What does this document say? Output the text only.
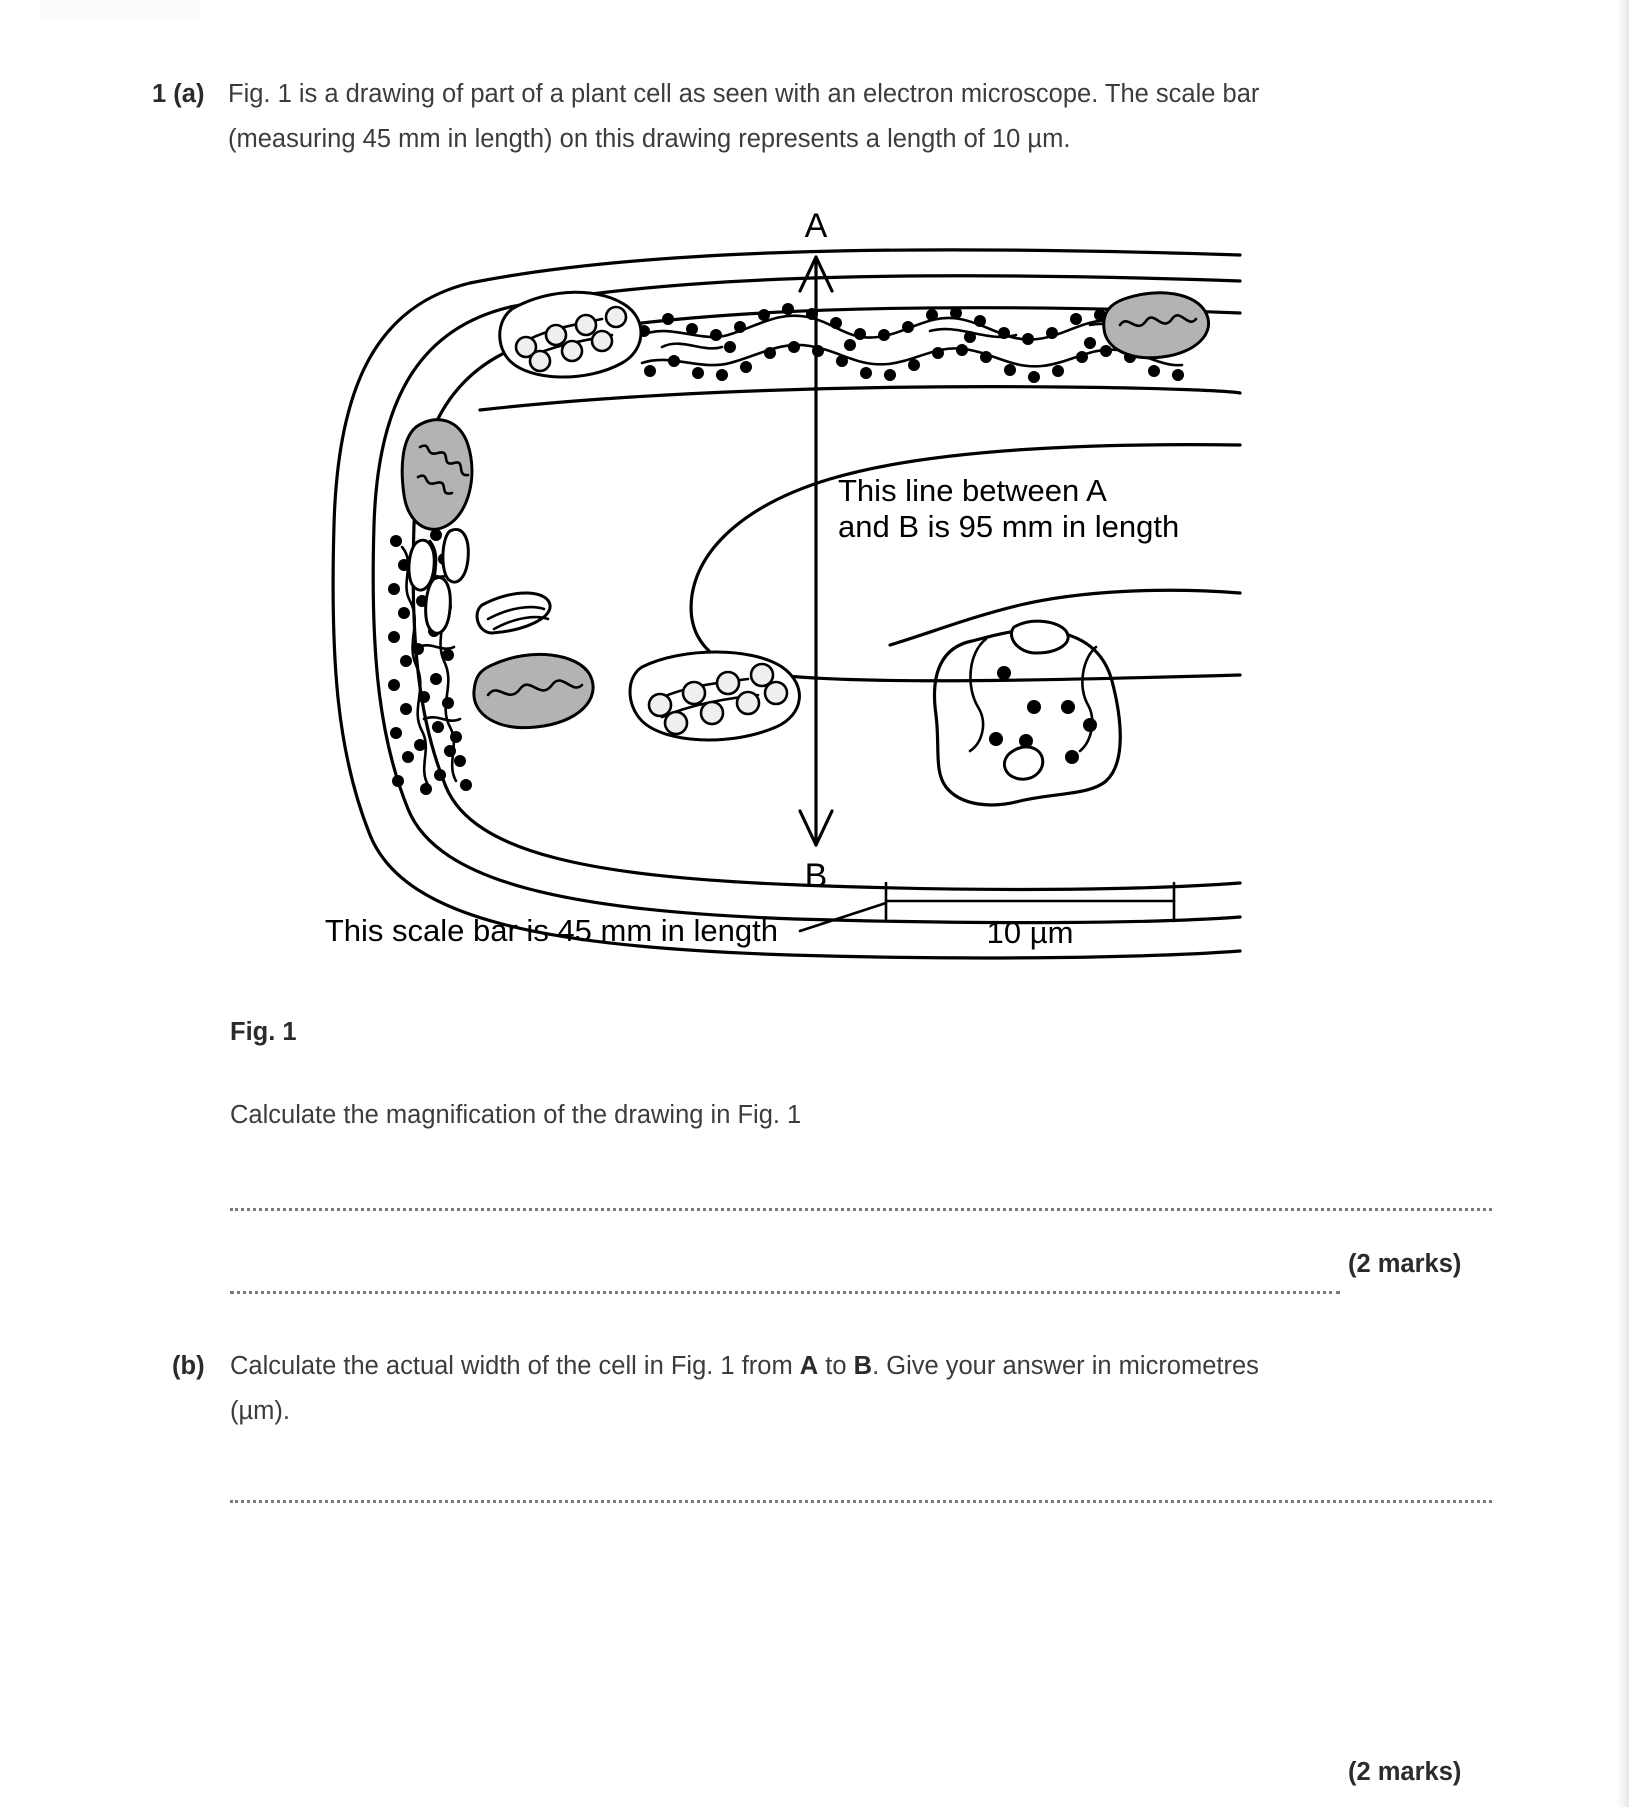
1 (a) Fig. 1 is a drawing of part of a plant cell as seen with an electron microscope. The scale bar
(measuring 45 mm in length) on this drawing represents a length of 10 µm.
A
B
This line between A
and B is 95 mm in length
This scale bar is 45 mm in length	10 µm
Fig. 1
Calculate the magnification of the drawing in Fig. 1
(2 marks)
(b) Calculate the actual width of the cell in Fig. 1 from A to B. Give your answer in micrometres
(µm).
(2 marks)
